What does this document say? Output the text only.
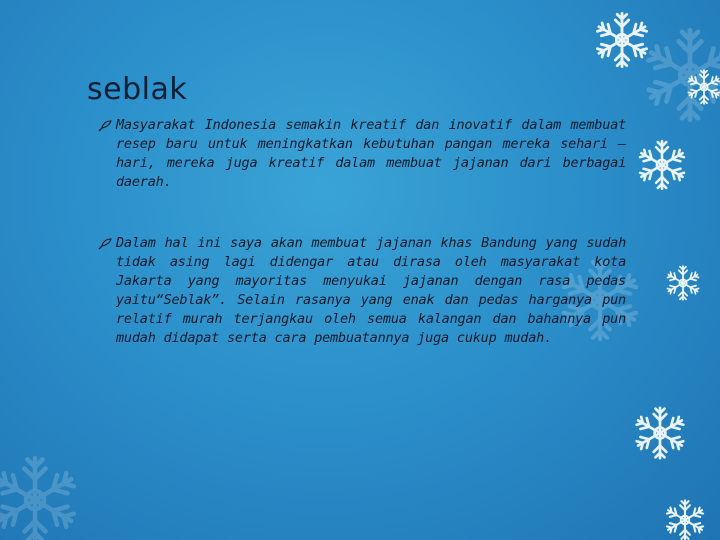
seblak
Masyarakat Indonesia semakin kreatif dan inovatif dalam membuat resep baru untuk meningkatkan kebutuhan pangan mereka sehari – hari, mereka juga kreatif dalam membuat jajanan dari berbagai daerah.
Dalam hal ini saya akan membuat jajanan khas Bandung yang sudah tidak asing lagi didengar atau dirasa oleh masyarakat kota Jakarta yang mayoritas menyukai jajanan dengan rasa pedas yaitu“Seblak”. Selain rasanya yang enak dan pedas harganya pun relatif murah terjangkau oleh semua kalangan dan bahannya pun mudah didapat serta cara pembuatannya juga cukup mudah.
